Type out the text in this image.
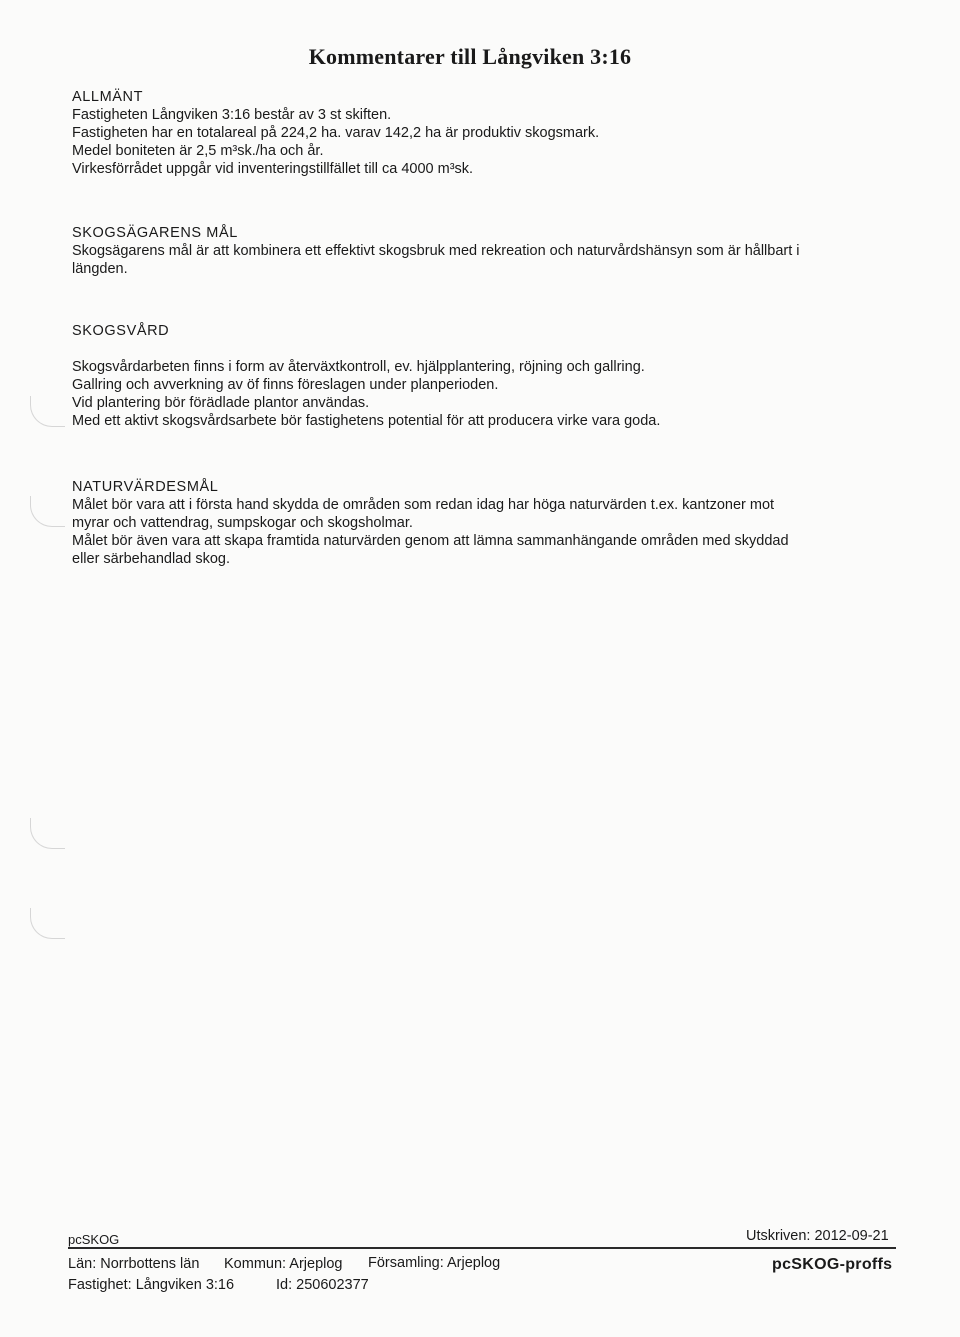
Kommentarer till Långviken 3:16
ALLMÄNT
Fastigheten Långviken 3:16 består av 3 st skiften.
Fastigheten har en totalareal på 224,2 ha. varav 142,2 ha är produktiv skogsmark.
Medel boniteten är 2,5 m³sk./ha och år.
Virkesförrådet uppgår vid inventeringstillfället till ca 4000 m³sk.
SKOGSÄGARENS MÅL
Skogsägarens mål är att kombinera ett effektivt skogsbruk med rekreation och naturvårdshänsyn som är hållbart i
längden.
SKOGSVÅRD
Skogsvårdarbeten finns i form av återväxtkontroll, ev. hjälpplantering, röjning och gallring.
Gallring och avverkning av öf finns föreslagen under planperioden.
Vid plantering bör förädlade plantor användas.
Med ett aktivt skogsvårdsarbete bör fastighetens potential för att producera virke vara goda.
NATURVÄRDESMÅL
Målet bör vara att i första hand skydda de områden som redan idag har höga naturvärden t.ex. kantzoner mot
myrar och vattendrag, sumpskogar och skogsholmar.
Målet bör även vara att skapa framtida naturvärden genom att lämna sammanhängande områden med skyddad
eller särbehandlad skog.
pcSKOG	Utskriven: 2012-09-21
Län: Norrbottens län Kommun: Arjeplog Församling: Arjeplog
Fastighet: Långviken 3:16	Id: 250602377
pcSKOG-proffs
